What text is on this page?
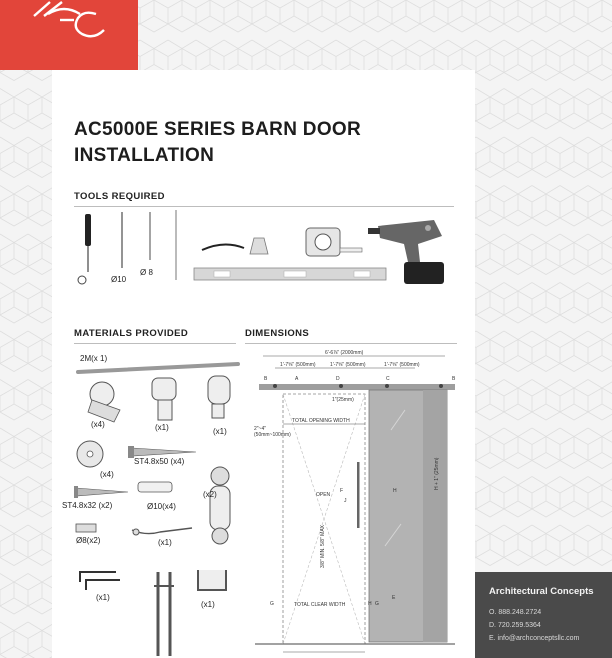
AC5000E SERIES BARN DOOR
INSTALLATION
TOOLS REQUIRED
Ø10
Ø 8
MATERIALS PROVIDED
2M(x 1)
(x4)	(x1)	(x1)
(x4)
ST4.8x50 (x4)
ST4.8x32 (x2)	Ø10(x4)
(x2)
Ø8(x2)	(x1)
(x1)
(x1)
DIMENSIONS
6'-6⅞" (2000mm)
1'-7⅝" (500mm)	1'-7⅝" (500mm)	1'-7⅝" (500mm)
B	A	D	C	B
1"(25mm)
TOTAL OPENING WIDTH
2"~4" (50mm~100mm)
OPEN
F
J
H
H + 1" (25mm)
3/8" MIN. 5/8" MAX
E
G	TOTAL CLEAR WIDTH	H G
Architectural Concepts
O. 888.248.2724
D. 720.259.5364
E. info@archconceptsllc.com
